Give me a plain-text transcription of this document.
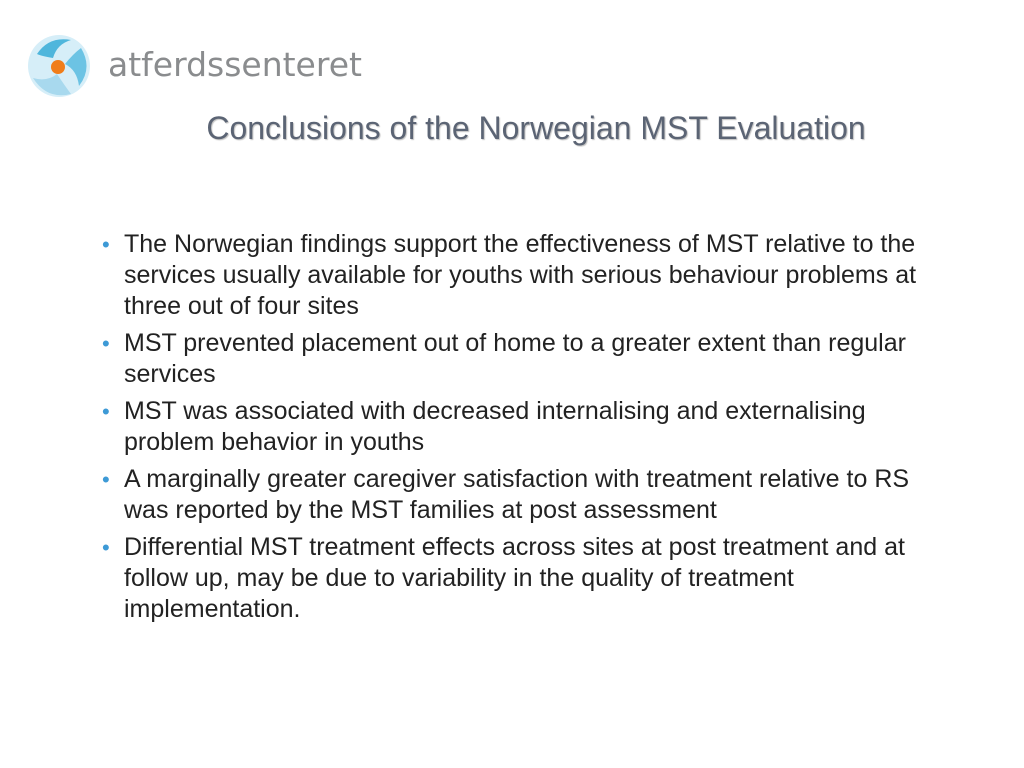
atferdssenteret
Conclusions of the Norwegian MST Evaluation
• The Norwegian findings support the effectiveness of MST relative to the services usually available for youths with serious behaviour problems at three out of four sites
• MST prevented placement out of home to a greater extent than regular services
• MST was associated with decreased internalising and externalising problem behavior in youths
• A marginally greater caregiver satisfaction with treatment relative to RS was reported by the MST families at post assessment
• Differential MST treatment effects across sites at post treatment and at follow up, may be due to variability in the quality of treatment implementation.
